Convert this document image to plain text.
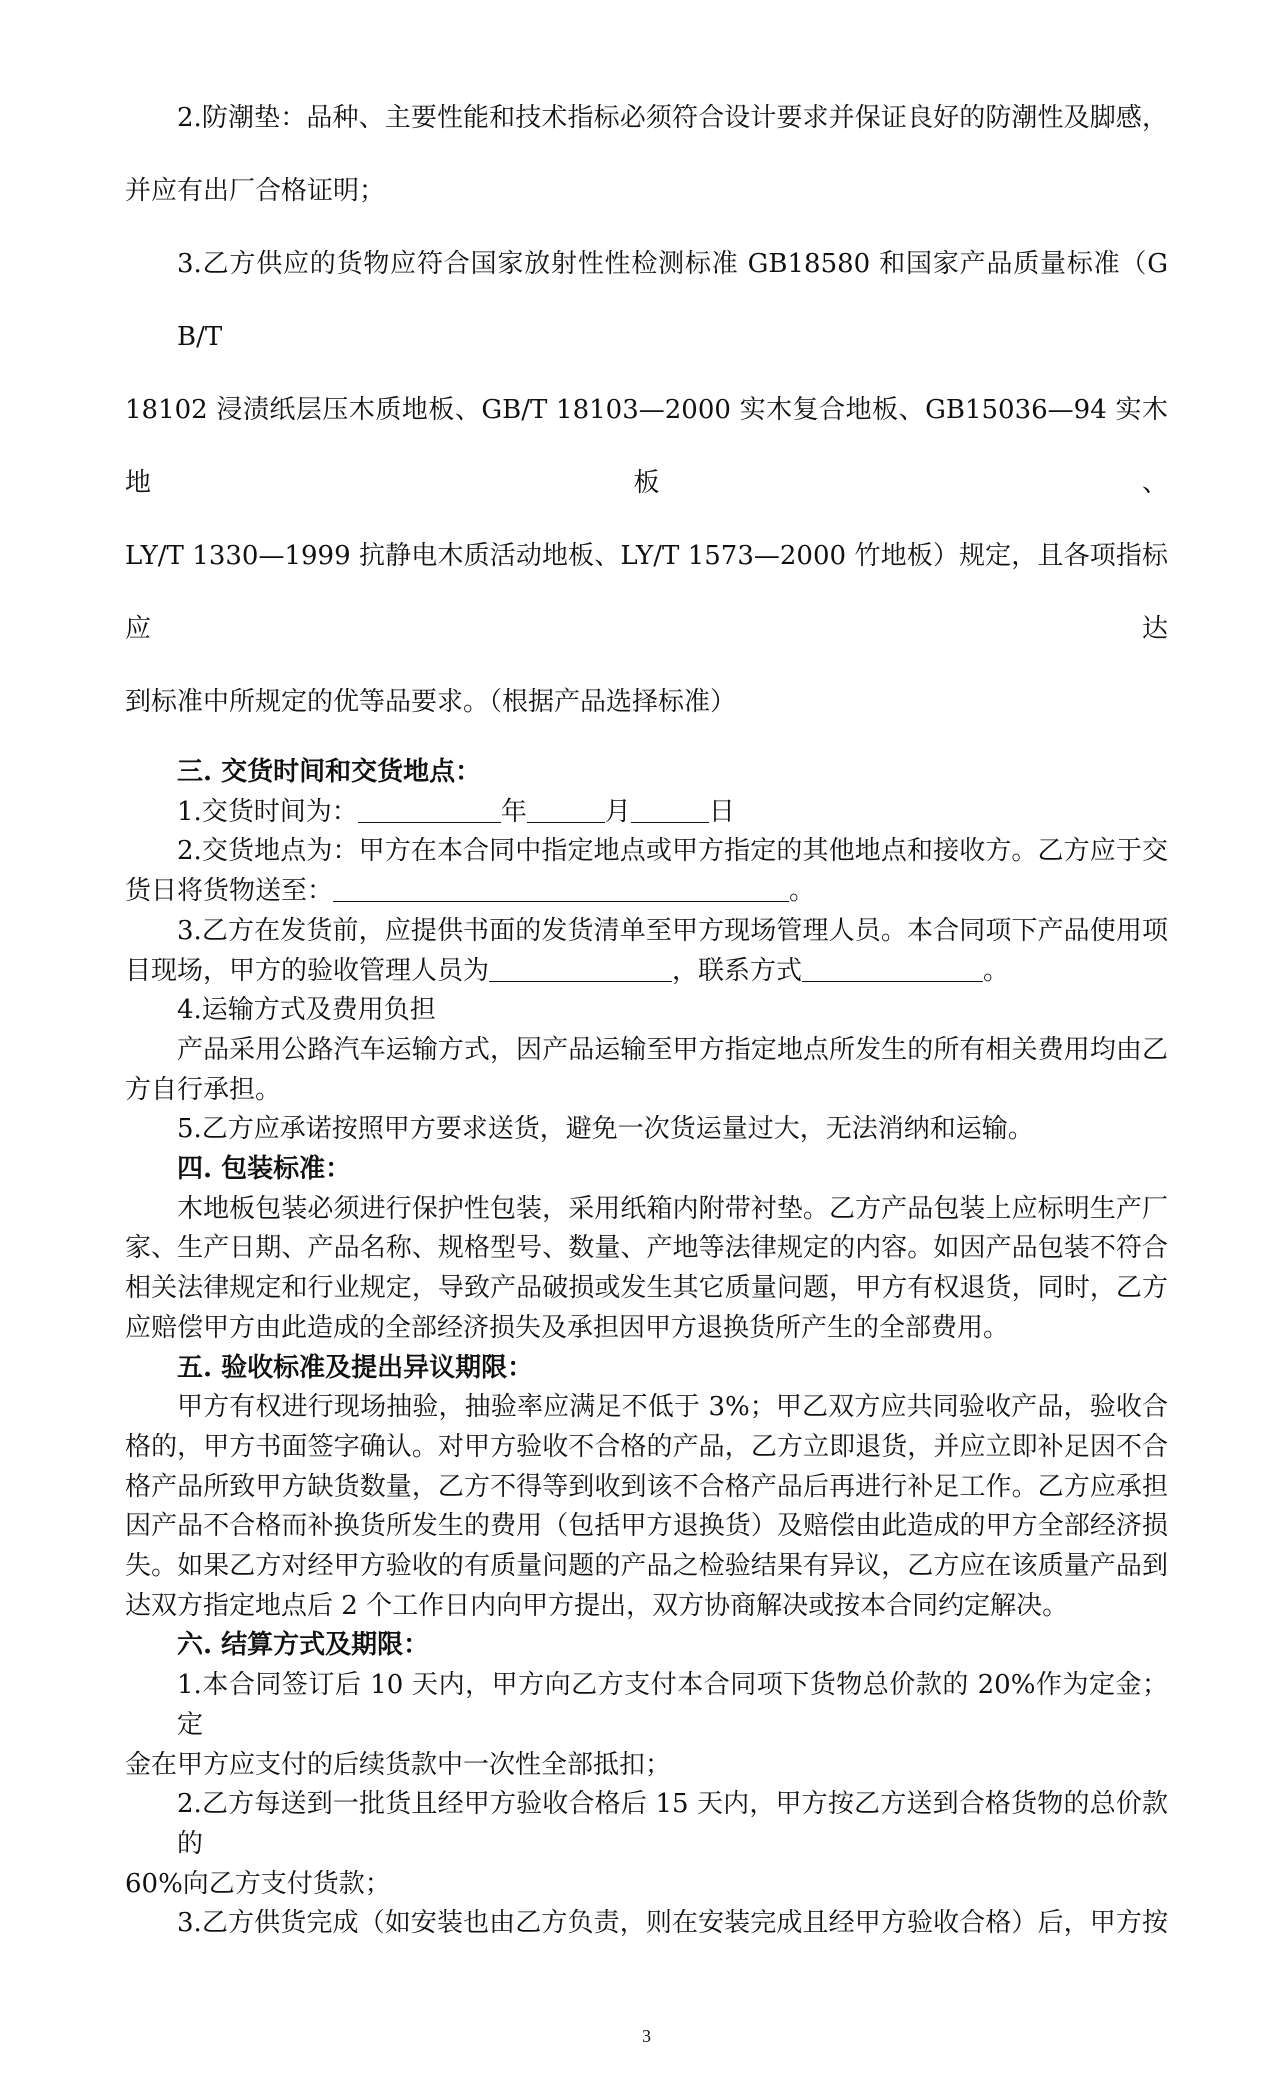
2.防潮垫：品种、主要性能和技术指标必须符合设计要求并保证良好的防潮性及脚感，
并应有出厂合格证明；
3.乙方供应的货物应符合国家放射性性检测标准 GB18580 和国家产品质量标准（GB/T
18102 浸渍纸层压木质地板、GB/T 18103—2000 实木复合地板、GB15036—94 实木地板、
LY/T 1330—1999 抗静电木质活动地板、LY/T 1573—2000 竹地板）规定，且各项指标应达
到标准中所规定的优等品要求。（根据产品选择标准）
三. 交货时间和交货地点：
1.交货时间为：	年	月	日
2.交货地点为：甲方在本合同中指定地点或甲方指定的其他地点和接收方。乙方应于交
货日将货物送至：	。
3.乙方在发货前，应提供书面的发货清单至甲方现场管理人员。本合同项下产品使用项
目现场，甲方的验收管理人员为	，联系方式	。
4.运输方式及费用负担
产品采用公路汽车运输方式，因产品运输至甲方指定地点所发生的所有相关费用均由乙
方自行承担。
5.乙方应承诺按照甲方要求送货，避免一次货运量过大，无法消纳和运输。
四. 包装标准：
木地板包装必须进行保护性包装，采用纸箱内附带衬垫。乙方产品包装上应标明生产厂
家、生产日期、产品名称、规格型号、数量、产地等法律规定的内容。如因产品包装不符合
相关法律规定和行业规定，导致产品破损或发生其它质量问题，甲方有权退货，同时，乙方
应赔偿甲方由此造成的全部经济损失及承担因甲方退换货所产生的全部费用。
五. 验收标准及提出异议期限：
甲方有权进行现场抽验，抽验率应满足不低于 3%；甲乙双方应共同验收产品，验收合
格的，甲方书面签字确认。对甲方验收不合格的产品，乙方立即退货，并应立即补足因不合
格产品所致甲方缺货数量，乙方不得等到收到该不合格产品后再进行补足工作。乙方应承担
因产品不合格而补换货所发生的费用（包括甲方退换货）及赔偿由此造成的甲方全部经济损
失。如果乙方对经甲方验收的有质量问题的产品之检验结果有异议，乙方应在该质量产品到
达双方指定地点后 2 个工作日内向甲方提出，双方协商解决或按本合同约定解决。
六. 结算方式及期限：
1.本合同签订后 10 天内，甲方向乙方支付本合同项下货物总价款的 20%作为定金；定
金在甲方应支付的后续货款中一次性全部抵扣；
2.乙方每送到一批货且经甲方验收合格后 15 天内，甲方按乙方送到合格货物的总价款的
60%向乙方支付货款；
3.乙方供货完成（如安装也由乙方负责，则在安装完成且经甲方验收合格）后，甲方按
3
